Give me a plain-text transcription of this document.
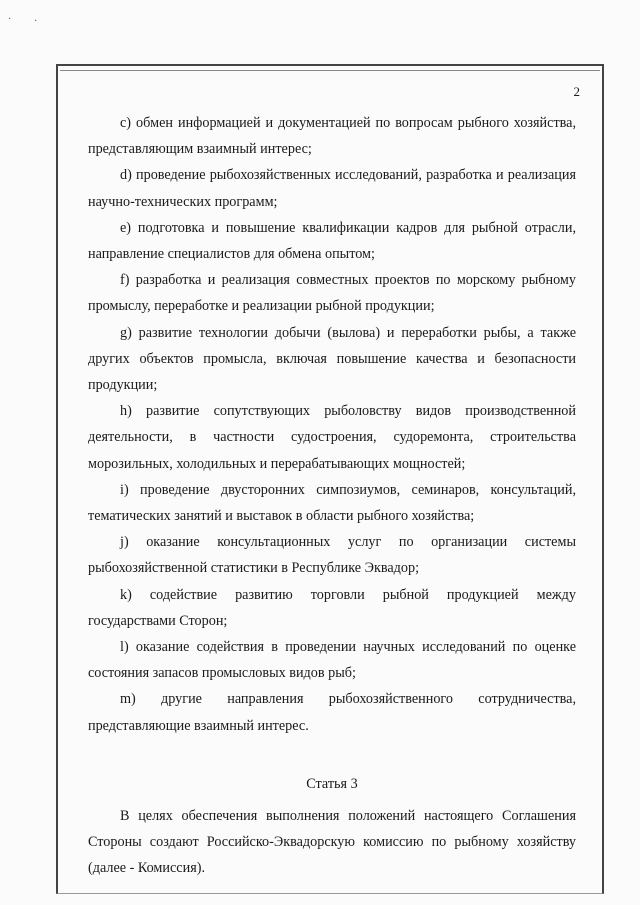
· ·
2

c) обмен информацией и документацией по вопросам рыбного хозяйства, представляющим взаимный интерес;

d) проведение рыбохозяйственных исследований, разработка и реализация научно-технических программ;

e) подготовка и повышение квалификации кадров для рыбной отрасли, направление специалистов для обмена опытом;

f) разработка и реализация совместных проектов по морскому рыбному промыслу, переработке и реализации рыбной продукции;

g) развитие технологии добычи (вылова) и переработки рыбы, а также других объектов промысла, включая повышение качества и безопасности продукции;

h) развитие сопутствующих рыболовству видов производственной деятельности, в частности судостроения, судоремонта, строительства морозильных, холодильных и перерабатывающих мощностей;

i) проведение двусторонних симпозиумов, семинаров, консультаций, тематических занятий и выставок в области рыбного хозяйства;

j) оказание консультационных услуг по организации системы рыбохозяйственной статистики в Республике Эквадор;

k) содействие развитию торговли рыбной продукцией между государствами Сторон;

l) оказание содействия в проведении научных исследований по оценке состояния запасов промысловых видов рыб;

m) другие направления рыбохозяйственного сотрудничества, представляющие взаимный интерес.

Статья 3

В целях обеспечения выполнения положений настоящего Соглашения Стороны создают Российско-Эквадорскую комиссию по рыбному хозяйству (далее - Комиссия).
